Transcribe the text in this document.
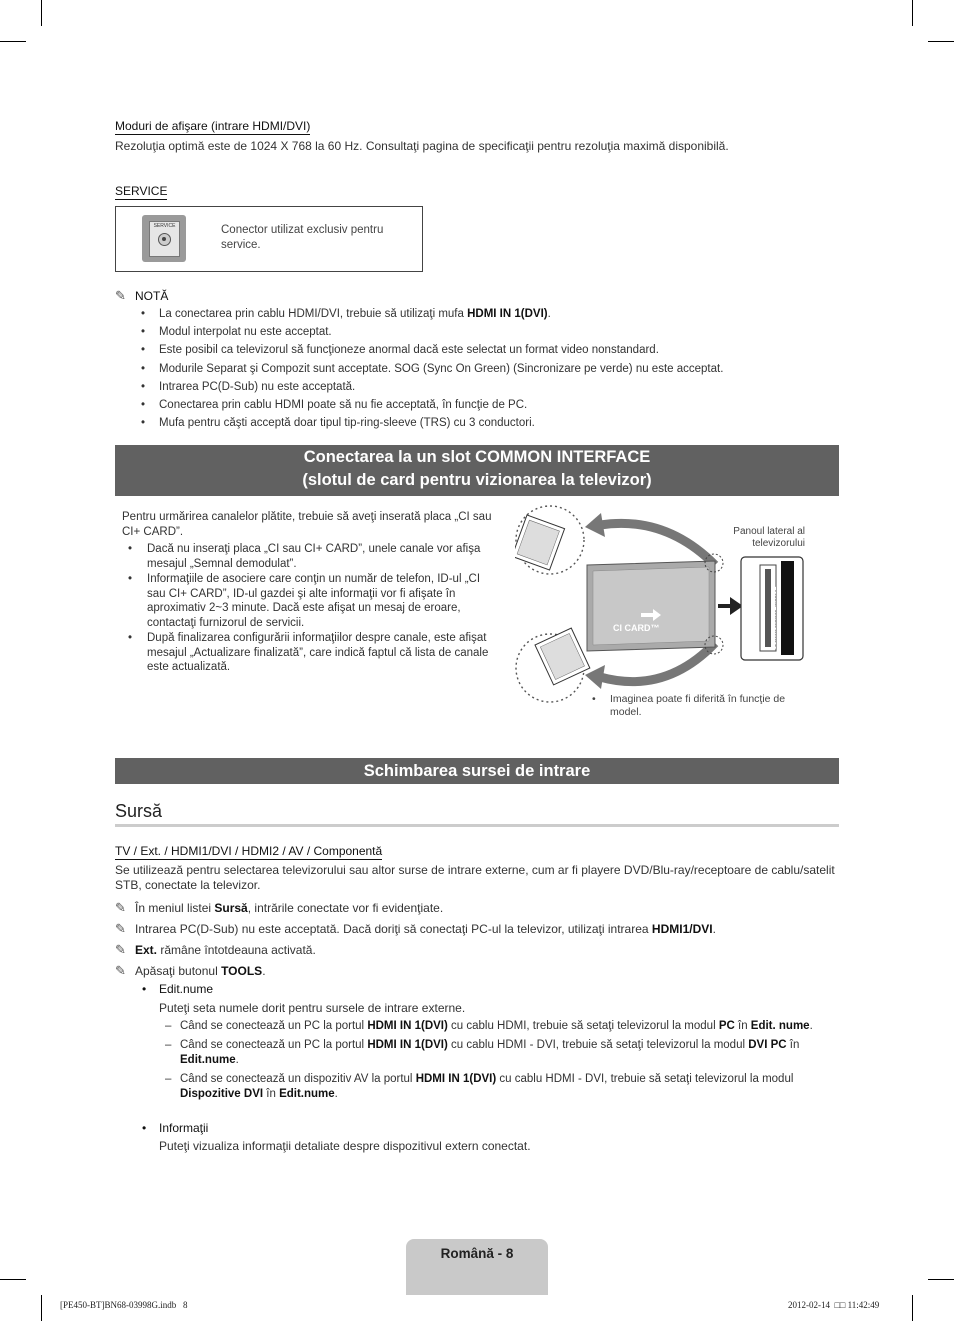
Moduri de afişare (intrare HDMI/DVI)
Rezoluţia optimă este de 1024 X 768 la 60 Hz. Consultaţi pagina de specificaţii pentru rezoluţia maximă disponibilă.
SERVICE
SERVICE	Conector utilizat exclusiv pentru service.
✎ NOTĂ
• La conectarea prin cablu HDMI/DVI, trebuie să utilizaţi mufa HDMI IN 1(DVI).
• Modul interpolat nu este acceptat.
• Este posibil ca televizorul să funcţioneze anormal dacă este selectat un format video nonstandard.
• Modurile Separat şi Compozit sunt acceptate. SOG (Sync On Green) (Sincronizare pe verde) nu este acceptat.
• Intrarea PC(D-Sub) nu este acceptată.
• Conectarea prin cablu HDMI poate să nu fie acceptată, în funcţie de PC.
• Mufa pentru căşti acceptă doar tipul tip-ring-sleeve (TRS) cu 3 conductori.
Conectarea la un slot COMMON INTERFACE
(slotul de card pentru vizionarea la televizor)
Pentru urmărirea canalelor plătite, trebuie să aveţi inserată placa „CI sau CI+ CARD”.
• Dacă nu inseraţi placa „CI sau CI+ CARD”, unele canale vor afişa mesajul „Semnal demodulat”.
• Informaţiile de asociere care conţin un număr de telefon, ID-ul „CI sau CI+ CARD”, ID-ul gazdei şi alte informaţii vor fi afişate în aproximativ 2~3 minute. Dacă este afişat un mesaj de eroare, contactaţi furnizorul de servicii.
• După finalizarea configurării informaţiilor despre canale, este afişat mesajul „Actualizare finalizată”, care indică faptul că lista de canale este actualizată.
CI CARD™	COMMON INTERFACE
Panoul lateral al televizorului
•	Imaginea poate fi diferită în funcţie de model.
Schimbarea sursei de intrare
Sursă
TV / Ext. / HDMI1/DVI / HDMI2 / AV / Componentă
Se utilizează pentru selectarea televizorului sau altor surse de intrare externe, cum ar fi playere DVD/Blu-ray/receptoare de cablu/satelit STB, conectate la televizor.
✎ În meniul listei Sursă, intrările conectate vor fi evidenţiate.
✎ Intrarea PC(D-Sub) nu este acceptată. Dacă doriţi să conectaţi PC-ul la televizor, utilizaţi intrarea HDMI1/DVI.
✎ Ext. rămâne întotdeauna activată.
✎ Apăsaţi butonul TOOLS.
• Edit.nume
Puteţi seta numele dorit pentru sursele de intrare externe.
– Când se conectează un PC la portul HDMI IN 1(DVI) cu cablu HDMI, trebuie să setaţi televizorul la modul PC în Edit. nume.
– Când se conectează un PC la portul HDMI IN 1(DVI) cu cablu HDMI - DVI, trebuie să setaţi televizorul la modul DVI PC în Edit.nume.
– Când se conectează un dispozitiv AV la portul HDMI IN 1(DVI) cu cablu HDMI - DVI, trebuie să setaţi televizorul la modul Dispozitive DVI în Edit.nume.
• Informaţii
Puteţi vizualiza informaţii detaliate despre dispozitivul extern conectat.
Română - 8
[PE450-BT]BN68-03998G.indb   8	2012-02-14 □□ 11:42:49
